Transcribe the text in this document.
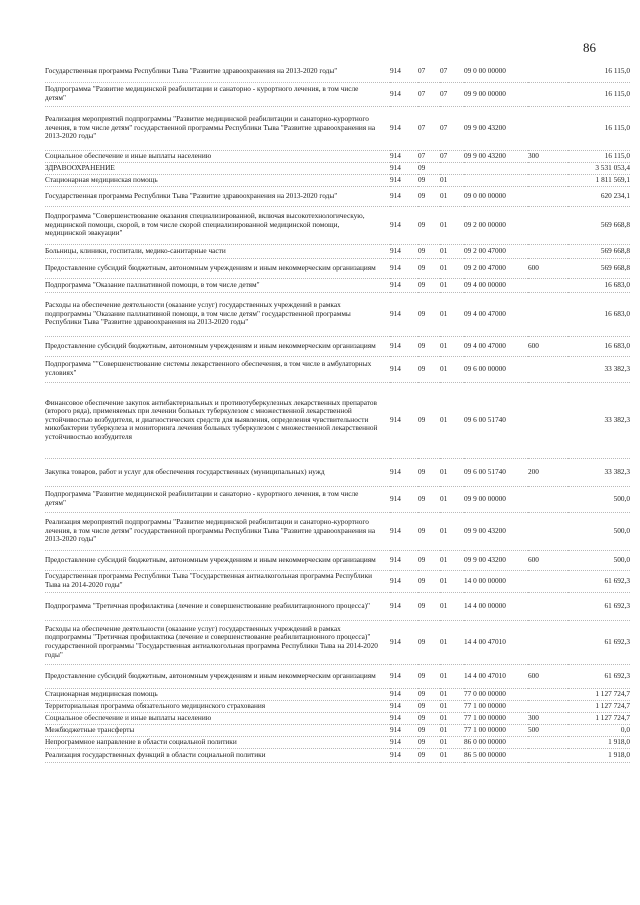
86
Государственная программа Республики Тыва "Развитие здравоохранения на 2013-2020 годы"	914	07	07	09 0 00 00000		16 115,0
Подпрограмма "Развитие медицинской реабилитации и санаторно - курортного лечения, в том числе детям"	914	07	07	09 9 00 00000		16 115,0
Реализация мероприятий подпрограммы "Развитие медицинской реабилитации и санаторно-курортного лечения, в том числе детям" государственной программы Республики Тыва "Развитие здравоохранения на 2013-2020 годы"	914	07	07	09 9 00 43200		16 115,0
Социальное обеспечение и иные выплаты населению	914	07	07	09 9 00 43200	300	16 115,0
ЗДРАВООХРАНЕНИЕ	914	09				3 531 053,4
Стационарная медицинская помощь	914	09	01			1 811 569,1
Государственная программа Республики Тыва "Развитие здравоохранения на 2013-2020 годы"	914	09	01	09 0 00 00000		620 234,1
Подпрограмма "Совершенствование оказания специализированной, включая высокотехнологическую, медицинской помощи, скорой, в том числе скорой специализированной медицинской помощи, медицинской эвакуации"	914	09	01	09 2 00 00000		569 668,8
Больницы, клиники, госпитали, медико-санитарные части	914	09	01	09 2 00 47000		569 668,8
Предоставление субсидий бюджетным, автономным учреждениям и иным некоммерческим организациям	914	09	01	09 2 00 47000	600	569 668,8
Подпрограмма "Оказание паллиативной помощи, в том числе детям"	914	09	01	09 4 00 00000		16 683,0
Расходы на обеспечение деятельности (оказание услуг) государственных учреждений в рамках подпрограммы "Оказание паллиативной помощи, в том числе детям" государственной программы Республики Тыва "Развитие здравоохранения на 2013-2020 годы"	914	09	01	09 4 00 47000		16 683,0
Предоставление субсидий бюджетным, автономным учреждениям и иным некоммерческим организациям	914	09	01	09 4 00 47000	600	16 683,0
Подпрограмма ""Совершенствование системы лекарственного обеспечения, в том числе в амбулаторных условиях"	914	09	01	09 6 00 00000		33 382,3
Финансовое обеспечение закупок антибактериальных и противотуберкулезных лекарственных препаратов (второго ряда), применяемых при лечении больных туберкулезом с множественной лекарственной устойчивостью возбудителя, и диагностических средств для выявления, определения чувствительности микобактерии туберкулеза и мониторинга лечения больных туберкулезом с множественной лекарственной устойчивостью возбудителя	914	09	01	09 6 00 51740		33 382,3
Закупка товаров, работ и услуг для обеспечения государственных (муниципальных) нужд	914	09	01	09 6 00 51740	200	33 382,3
Подпрограмма "Развитие медицинской реабилитации и санаторно - курортного лечения, в том числе детям"	914	09	01	09 9 00 00000		500,0
Реализация мероприятий подпрограммы "Развитие медицинской реабилитации и санаторно-курортного лечения, в том числе детям" государственной программы Республики Тыва "Развитие здравоохранения на 2013-2020 годы"	914	09	01	09 9 00 43200		500,0
Предоставление субсидий бюджетным, автономным учреждениям и иным некоммерческим организациям	914	09	01	09 9 00 43200	600	500,0
Государственная программа Республики Тыва "Государственная антиалкогольная программа Республики Тыва на 2014-2020 годы"	914	09	01	14 0 00 00000		61 692,3
Подпрограмма "Третичная профилактика (лечение и совершенствование реабилитационного процесса)"	914	09	01	14 4 00 00000		61 692,3
Расходы на обеспечение деятельности (оказание услуг) государственных учреждений в рамках подпрограммы "Третичная профилактика (лечение и совершенствование реабилитационного процесса)" государственной программы "Государственная антиалкогольная программа Республики Тыва на 2014-2020 годы"	914	09	01	14 4 00 47010		61 692,3
Предоставление субсидий бюджетным, автономным учреждениям и иным некоммерческим организациям	914	09	01	14 4 00 47010	600	61 692,3
Стационарная медицинская помощь	914	09	01	77 0 00 00000		1 127 724,7
Территориальная программа обязательного медицинского страхования	914	09	01	77 1 00 00000		1 127 724,7
Социальное обеспечение и иные выплаты населению	914	09	01	77 1 00 00000	300	1 127 724,7
Межбюджетные трансферты	914	09	01	77 1 00 00000	500	0,0
Непрограммное направление в области социальной политики	914	09	01	86 0 00 00000		1 918,0
Реализация государственных функций в области социальной политики	914	09	01	86 5 00 00000		1 918,0
